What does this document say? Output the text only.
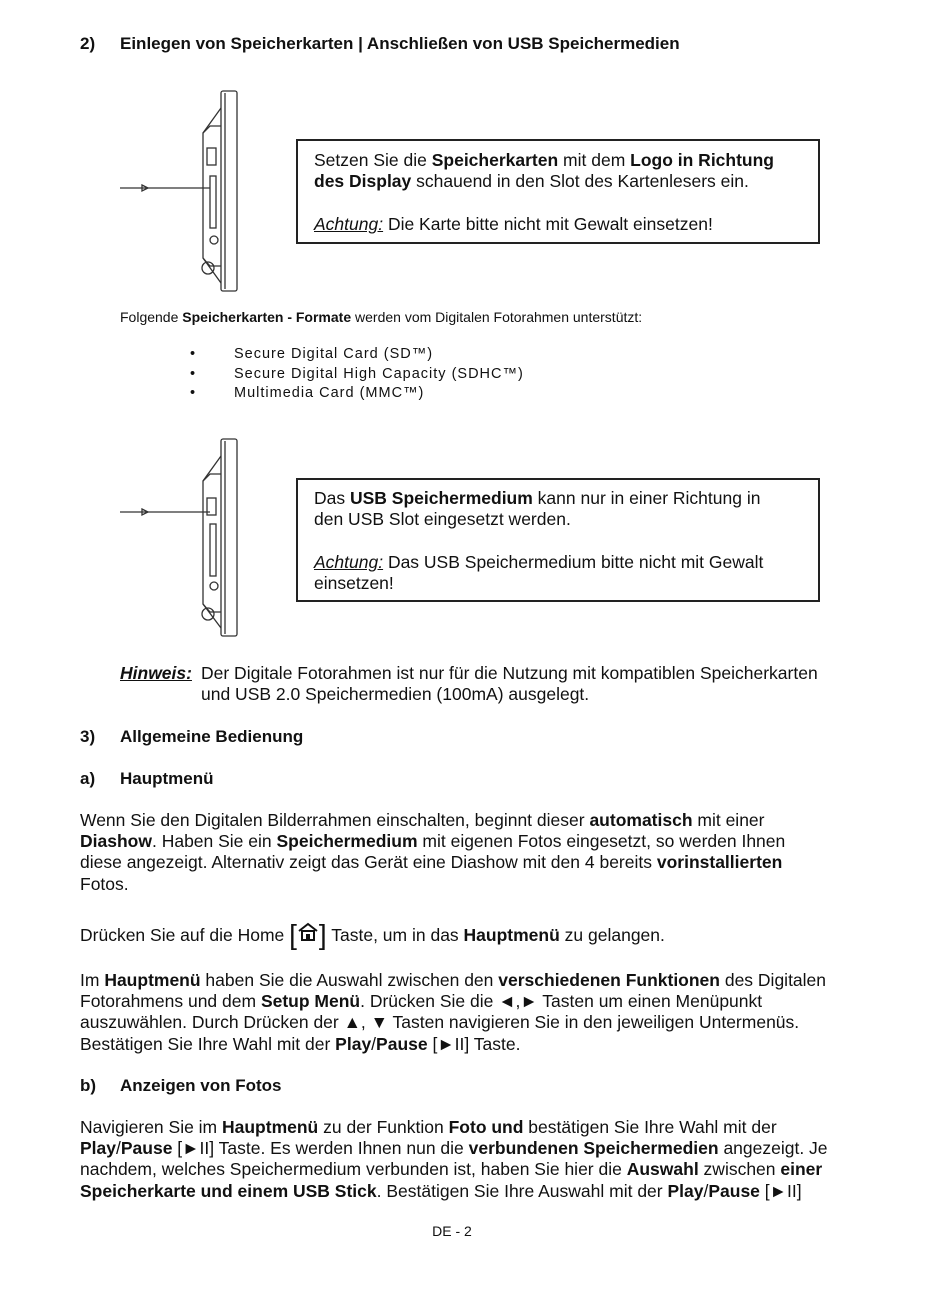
2) Einlegen von Speicherkarten | Anschließen von USB Speichermedien
Setzen Sie die Speicherkarten mit dem Logo in Richtung
des Display schauend in den Slot des Kartenlesers ein.

Achtung: Die Karte bitte nicht mit Gewalt einsetzen!
Folgende Speicherkarten - Formate werden vom Digitalen Fotorahmen unterstützt:
•	Secure Digital Card (SD™)
•	Secure Digital High Capacity (SDHC™)
•	Multimedia Card (MMC™)
Das USB Speichermedium kann nur in einer Richtung in
den USB Slot eingesetzt werden.

Achtung: Das USB Speichermedium bitte nicht mit Gewalt
einsetzen!
Hinweis: Der Digitale Fotorahmen ist nur für die Nutzung mit kompatiblen Speicherkarten
und USB 2.0 Speichermedien (100mA) ausgelegt.
3) Allgemeine Bedienung
a) Hauptmenü
Wenn Sie den Digitalen Bilderrahmen einschalten, beginnt dieser automatisch mit einer
Diashow. Haben Sie ein Speichermedium mit eigenen Fotos eingesetzt, so werden Ihnen
diese angezeigt. Alternativ zeigt das Gerät eine Diashow mit den 4 bereits vorinstallierten
Fotos.
Drücken Sie auf die Home [ ] Taste, um in das Hauptmenü zu gelangen.
Im Hauptmenü haben Sie die Auswahl zwischen den verschiedenen Funktionen des Digitalen
Fotorahmens und dem Setup Menü. Drücken Sie die ◄,► Tasten um einen Menüpunkt
auszuwählen. Durch Drücken der ▲, ▼ Tasten navigieren Sie in den jeweiligen Untermenüs.
Bestätigen Sie Ihre Wahl mit der Play/Pause [►II] Taste.
b) Anzeigen von Fotos
Navigieren Sie im Hauptmenü zu der Funktion Foto und bestätigen Sie Ihre Wahl mit der
Play/Pause [►II] Taste. Es werden Ihnen nun die verbundenen Speichermedien angezeigt. Je
nachdem, welches Speichermedium verbunden ist, haben Sie hier die Auswahl zwischen einer
Speicherkarte und einem USB Stick. Bestätigen Sie Ihre Auswahl mit der Play/Pause [►II]
DE - 2
